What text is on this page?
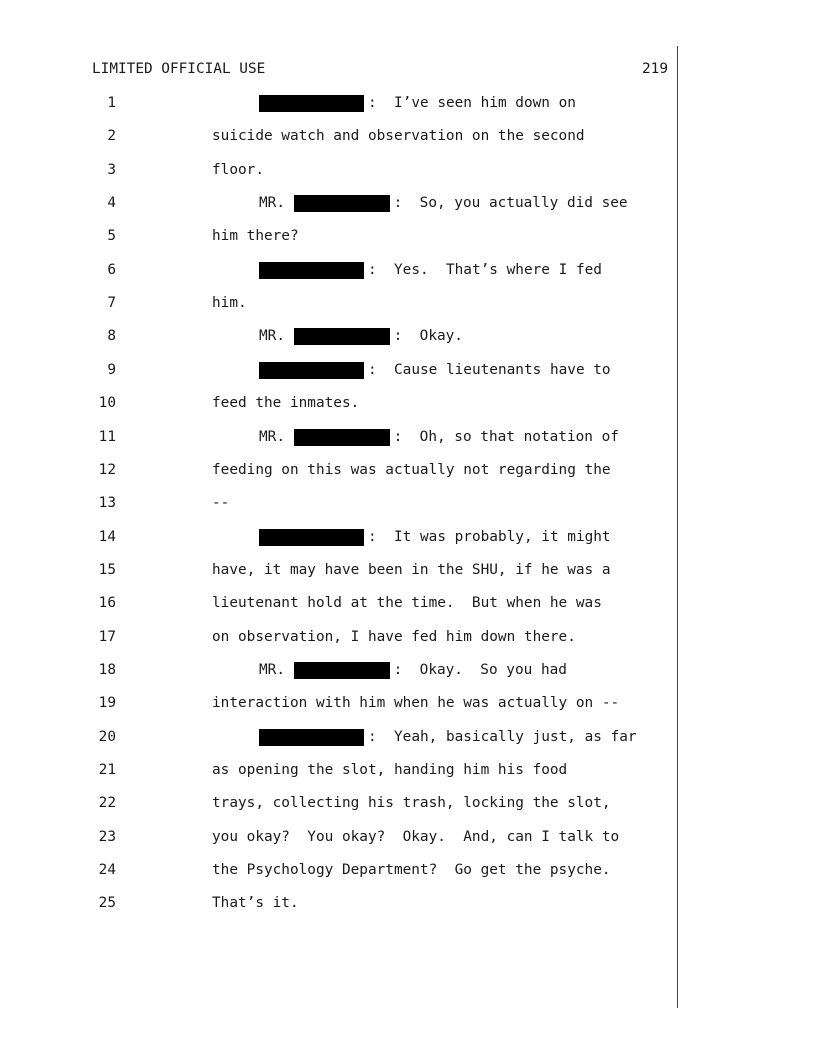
LIMITED OFFICIAL USE	219
1	: I’ve seen him down on
2	suicide watch and observation on the second
3	floor.
4	MR.	: So, you actually did see
5	him there?
6	: Yes.  That’s where I fed
7	him.
8	MR.	: Okay.
9	: Cause lieutenants have to
10	feed the inmates.
11	MR.	: Oh, so that notation of
12	feeding on this was actually not regarding the
13	--
14	: It was probably, it might
15	have, it may have been in the SHU, if he was a
16	lieutenant hold at the time.  But when he was
17	on observation, I have fed him down there.
18	MR.	: Okay.  So you had
19	interaction with him when he was actually on --
20	: Yeah, basically just, as far
21	as opening the slot, handing him his food
22	trays, collecting his trash, locking the slot,
23	you okay?  You okay?  Okay.  And, can I talk to
24	the Psychology Department?  Go get the psyche.
25	That’s it.
